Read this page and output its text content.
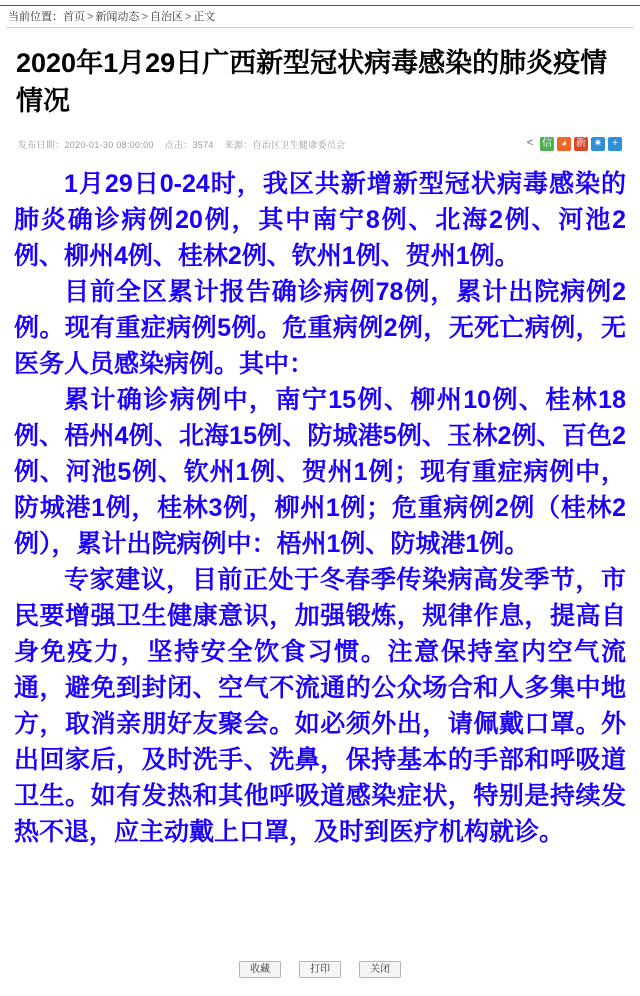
当前位置：首页 > 新闻动态 > 自治区 > 正文
2020年1月29日广西新型冠状病毒感染的肺炎疫情情况
发布日期：2020-01-30 08:00:00 点击：3574 来源：自治区卫生健康委员会	< 信 ◕ 新 ✷ +

1月29日0-24时，我区共新增新型冠状病毒感染的肺炎确诊病例20例，其中南宁8例、北海2例、河池2例、柳州4例、桂林2例、钦州1例、贺州1例。

目前全区累计报告确诊病例78例，累计出院病例2例。现有重症病例5例。危重病例2例，无死亡病例，无医务人员感染病例。其中：

累计确诊病例中，南宁15例、柳州10例、桂林18例、梧州4例、北海15例、防城港5例、玉林2例、百色2例、河池5例、钦州1例、贺州1例；现有重症病例中，防城港1例，桂林3例，柳州1例；危重病例2例（桂林2例），累计出院病例中：梧州1例、防城港1例。

专家建议，目前正处于冬春季传染病高发季节，市民要增强卫生健康意识，加强锻炼，规律作息，提高自身免疫力，坚持安全饮食习惯。注意保持室内空气流通，避免到封闭、空气不流通的公众场合和人多集中地方，取消亲朋好友聚会。如必须外出，请佩戴口罩。外出回家后，及时洗手、洗鼻，保持基本的手部和呼吸道卫生。如有发热和其他呼吸道感染症状，特别是持续发热不退，应主动戴上口罩，及时到医疗机构就诊。

收藏	打印	关闭
